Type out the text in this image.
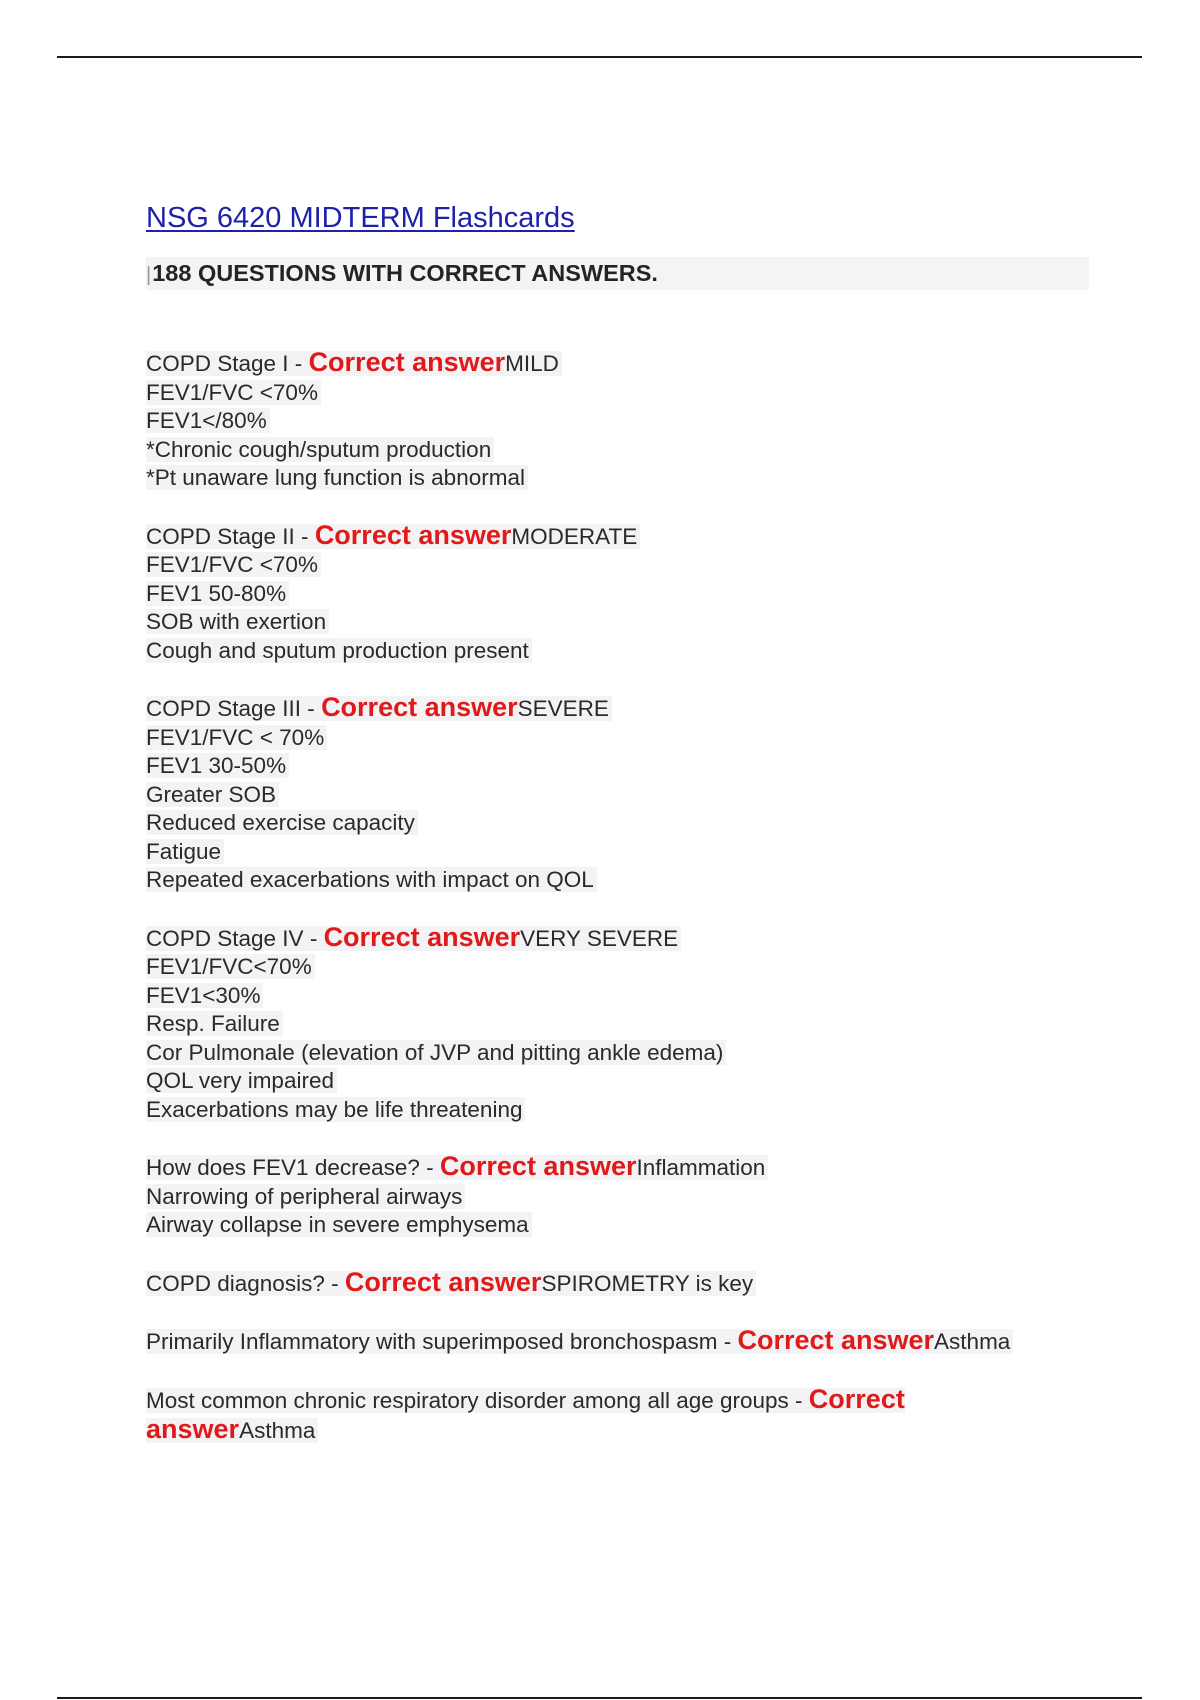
NSG 6420 MIDTERM Flashcards
|188 QUESTIONS WITH CORRECT ANSWERS.
COPD Stage I - Correct answerMILD
FEV1/FVC <70%
FEV1</80%
*Chronic cough/sputum production
*Pt unaware lung function is abnormal
COPD Stage II - Correct answerMODERATE
FEV1/FVC <70%
FEV1 50-80%
SOB with exertion
Cough and sputum production present
COPD Stage III - Correct answerSEVERE
FEV1/FVC < 70%
FEV1 30-50%
Greater SOB
Reduced exercise capacity
Fatigue
Repeated exacerbations with impact on QOL
COPD Stage IV - Correct answerVERY SEVERE
FEV1/FVC<70%
FEV1<30%
Resp. Failure
Cor Pulmonale (elevation of JVP and pitting ankle edema)
QOL very impaired
Exacerbations may be life threatening
How does FEV1 decrease? - Correct answerInflammation
Narrowing of peripheral airways
Airway collapse in severe emphysema
COPD diagnosis? - Correct answerSPIROMETRY is key
Primarily Inflammatory with superimposed bronchospasm - Correct answerAsthma
Most common chronic respiratory disorder among all age groups - Correct answerAsthma
